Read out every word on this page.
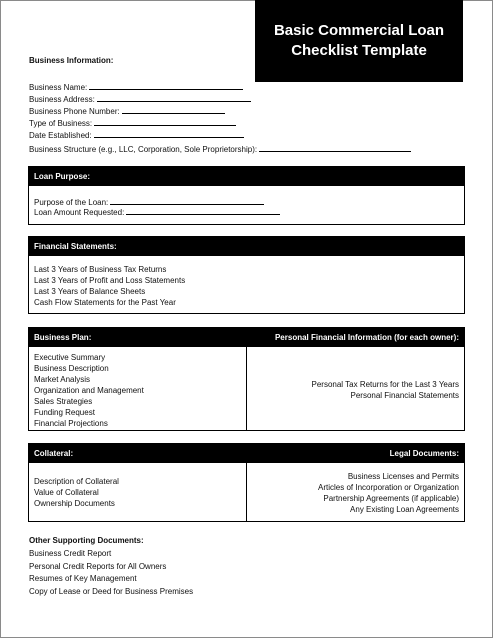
Basic Commercial Loan
Checklist Template
Business Information:
Business Name:
Business Address:
Business Phone Number:
Type of Business:
Date Established:
Business Structure (e.g., LLC, Corporation, Sole Proprietorship):
Loan Purpose:
Purpose of the Loan:
Loan Amount Requested:
Financial Statements:
Last 3 Years of Business Tax Returns
Last 3 Years of Profit and Loss Statements
Last 3 Years of Balance Sheets
Cash Flow Statements for the Past Year
Business Plan:	Personal Financial Information (for each owner):
Executive Summary
Business Description
Market Analysis
Organization and Management
Sales Strategies
Funding Request
Financial Projections
Personal Tax Returns for the Last 3 Years
Personal Financial Statements
Collateral:	Legal Documents:
Description of Collateral
Value of Collateral
Ownership Documents
Business Licenses and Permits
Articles of Incorporation or Organization
Partnership Agreements (if applicable)
Any Existing Loan Agreements
Other Supporting Documents:
Business Credit Report
Personal Credit Reports for All Owners
Resumes of Key Management
Copy of Lease or Deed for Business Premises
